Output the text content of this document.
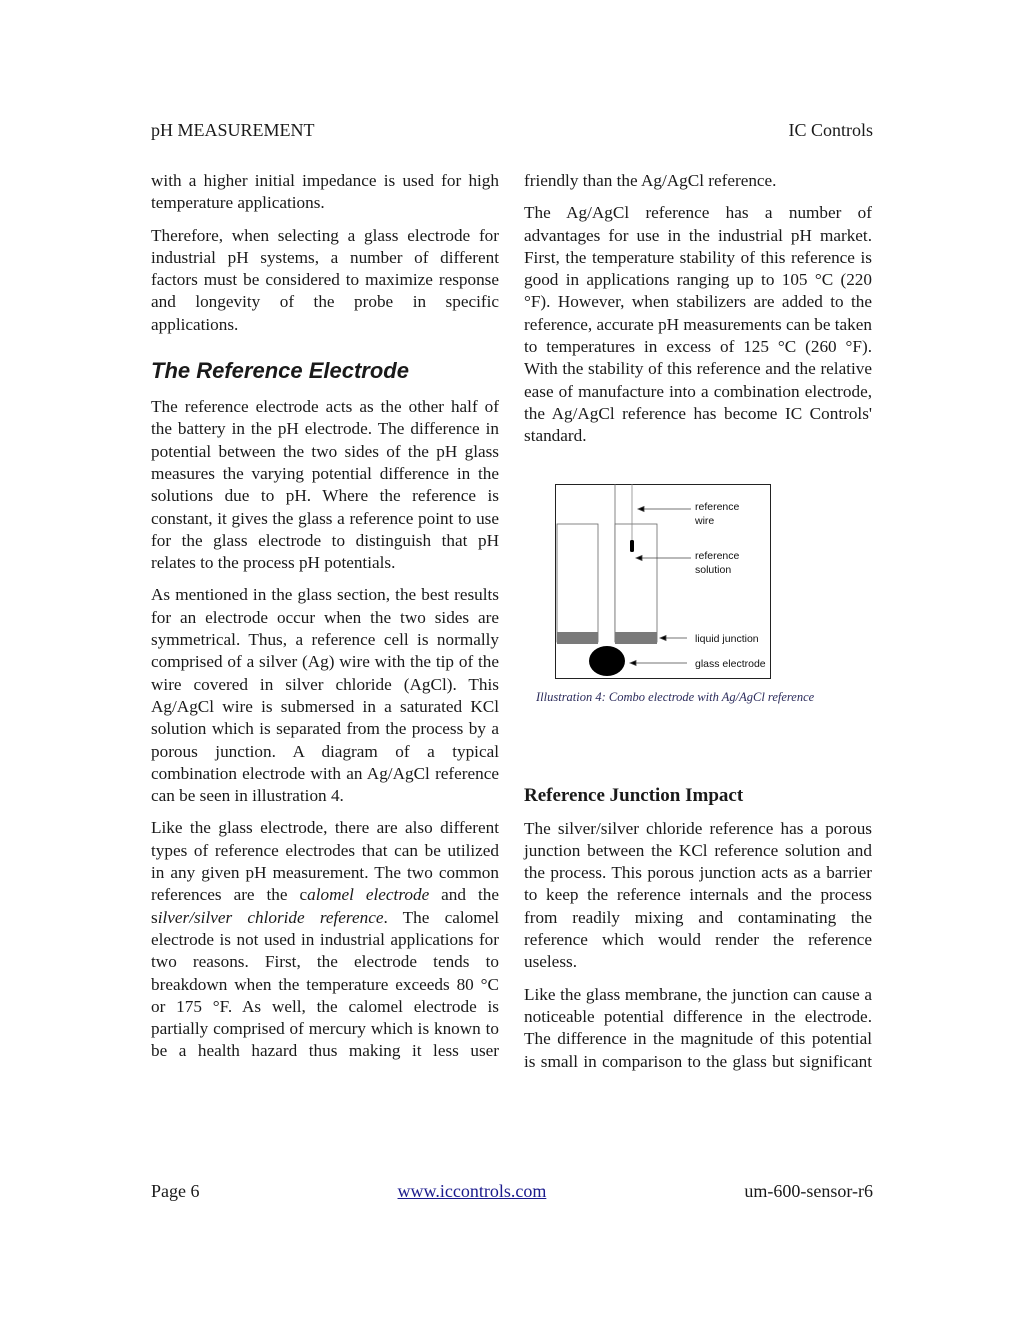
pH MEASUREMENT	IC Controls

with a higher initial impedance is used for high temperature applications.

Therefore, when selecting a glass electrode for industrial pH systems, a number of different factors must be considered to maximize response and longevity of the probe in specific applications.

The Reference Electrode

The reference electrode acts as the other half of the battery in the pH electrode. The difference in potential between the two sides of the pH glass measures the varying potential difference in the solutions due to pH. Where the reference is constant, it gives the glass a reference point to use for the glass electrode to distinguish that pH relates to the process pH potentials.

As mentioned in the glass section, the best results for an electrode occur when the two sides are symmetrical. Thus, a reference cell is normally comprised of a silver (Ag) wire with the tip of the wire covered in silver chloride (AgCl). This Ag/AgCl wire is submersed in a saturated KCl solution which is separated from the process by a porous junction. A diagram of a typical combination electrode with an Ag/AgCl reference can be seen in illustration 4.

Like the glass electrode, there are also different types of reference electrodes that can be utilized in any given pH measurement. The two common references are the calomel electrode and the silver/silver chloride reference. The calomel electrode is not used in industrial applications for two reasons. First, the electrode tends to breakdown when the temperature exceeds 80 °C or 175 °F. As well, the calomel electrode is partially comprised of mercury which is known to be a health hazard thus making it less user

friendly than the Ag/AgCl reference.

The Ag/AgCl reference has a number of advantages for use in the industrial pH market. First, the temperature stability of this reference is good in applications ranging up to 105 °C (220 °F). However, when stabilizers are added to the reference, accurate pH measurements can be taken to temperatures in excess of 125 °C (260 °F). With the stability of this reference and the relative ease of manufacture into a combination electrode, the Ag/AgCl reference has become IC Controls' standard.

reference
wire
reference
solution
liquid junction
glass electrode
Illustration 4: Combo electrode with Ag/AgCl reference
Reference Junction Impact

The silver/silver chloride reference has a porous junction between the KCl reference solution and the process. This porous junction acts as a barrier to keep the reference internals and the process from readily mixing and contaminating the reference which would render the reference useless.

Like the glass membrane, the junction can cause a noticeable potential difference in the electrode. The difference in the magnitude of this potential is small in comparison to the glass but significant

Page 6	www.iccontrols.com	um-600-sensor-r6
